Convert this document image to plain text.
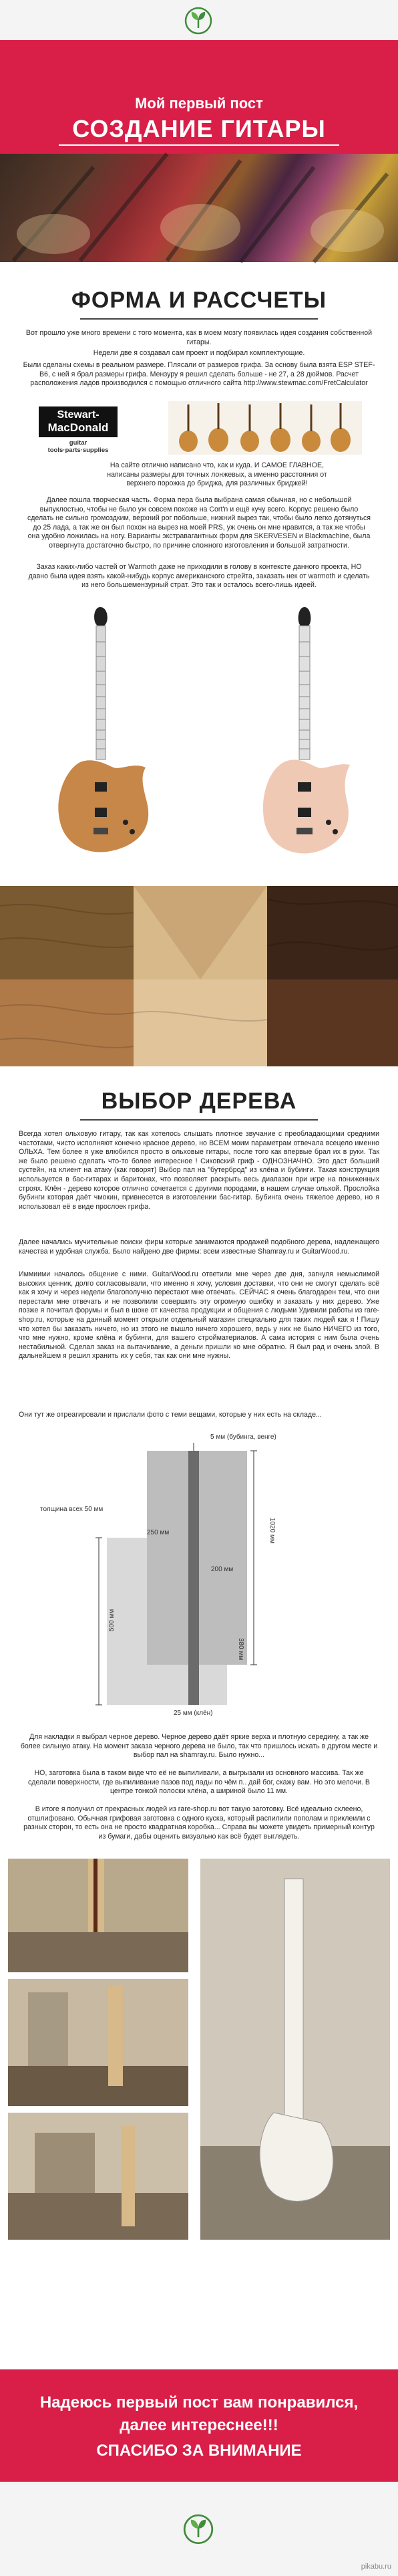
Мой первый пост
СОЗДАНИЕ ГИТАРЫ
ФОРМА И РАССЧЕТЫ
Вот прошло уже много времени с того момента, как в моем мозгу появилась идея создания собственной гитары.
Недели две я создавал сам проект и подбирал комплектующие.
Были сделаны схемы в реальном размере. Плясали от размеров грифа. За основу была взята ESP STEF-B6, с ней я брал размеры грифа. Мензуру я решил сделать больше - не 27, а 28 дюймов. Расчет расположения ладов производился с помощью отличного сайта http://www.stewmac.com/FretCalculator
Stewart-
MacDonald
guitar tools·parts·supplies
На сайте отлично написано что, как и куда. И САМОЕ ГЛАВНОЕ, написаны размеры для точных лонжевых, а именно расстояния от верхнего порожка до бриджа, для различных бриджей!
Далее пошла творческая часть. Форма пера была выбрана самая обычная, но с небольшой выпуклостью, чтобы не было уж совсем похоже на Cort'n и ещё кучу всего. Корпус решено было сделать не сильно громоздким, верхний рог побольше, нижний вырез так, чтобы было легко дотянуться до 25 лада, а так же он был похож на вырез на моей PRS, уж очень он мне нравится, а так же чтобы она удобно ложилась на ногу. Варианты экстравагантных форм для SKERVESEN и Blackmachine, была отвергнута достаточно быстро, по причине сложного изготовления и большой затратности.
Заказ каких-либо частей от Warmoth даже не приходили в голову в контексте данного проекта, НО давно была идея взять какой-нибудь корпус американского стрейта, заказать нек от warmoth и сделать из него большемензурный страт. Это так и осталось всего-лишь идеей.
ВЫБОР ДЕРЕВА
Всегда хотел ольховую гитару, так как хотелось слышать плотное звучание с преобладающими средними частотами, чисто исполняют конечно красное дерево, но ВСЕМ моим параметрам отвечала всецело именно ОЛЬХА. Тем более я уже влюбился просто в ольховые гитары, после того как впервые брал их в руки. Так же было решено сделать что-то более интересное ! Сиковский гриф - ОДНОЗНАЧНО. Это даст больший сустейн, на клиент на атаку (как говорят) Выбор пал на "бутерброд" из клёна и бубинги. Такая конструкция используется в бас-гитарах и баритонах, что позволяет раскрыть весь диапазон при игре на пониженных строях. Клён - дерево которое отлично сочетается с другими породами, в нашем случае ольхой. Прослойка бубинги которая даёт чмокин, привнесется в изготовлении бас-гитар. Бубинга очень тяжелое дерево, но я использовал её в виде прослоек грифа.
Далее начались мучительные поиски фирм которые занимаются продажей подобного дерева, надлежащего качества и удобная служба. Было найдено две фирмы: всем известные Shamray.ru и GuitarWood.ru.
Иммиими началось общение с ними. GuitarWood.ru ответили мне через две дня, загнуля немыслимой высоких ценник, долго согласовывали, что именно я хочу, условия доставки, что они не смогут сделать всё как я хочу и через недели благополучно перестают мне отвечать. СЕЙЧАС я очень благодарен тем, что они перестали мне отвечать и не позволили совершить эту огромную ошибку и заказать у них дерево. Уже позже я почитал форумы и был в шоке от качества продукции и общения с людьми Удивили работы из rare-shop.ru, которые на данный момент открыли отдельный магазин специально для таких людей как я ! Пишу что хотел бы заказать ничего, но из этого не вышло ничего хорошего, ведь у них не было НИЧЕГО из того, что мне нужно, кроме клёна и бубинги, для вашего стройматериалов. А сама история с ним была очень нестабильной. Сделал заказ на вытачивание, а деньги пришли ко мне обратно. Я был рад и очень злой. В дальнейшем я решил хранить их у себя, так как они мне нужны.
Они тут же отреагировали и прислали фото с теми вещами, которые у них есть на складе...
5 мм (бубинга, венге)
толщина всех 50 мм
250 мм
200 мм
500 мм
1020 мм
380 мм
25 мм (клён)
Для накладки я выбрал черное дерево. Черное дерево даёт яркие верха и плотную середину, а так же более сильную атаку. На момент заказа черного дерева не было, так что пришлось искать в другом месте и выбор пал на shamray.ru. Было нужно...
НО, заготовка была в таком виде что её не выпиливали, а выгрызали из основного массива. Так же сделали поверхности, где выпиливание пазов под лады по чём п.. дай бог, скажу вам. Но это мелочи. В центре тонкой полоски клёна, а шириной было 11 мм.
В итоге я получил от прекрасных людей из rare-shop.ru вот такую заготовку. Всё идеально склеено, отшлифовано. Обычная грифовая заготовка с одного куска, который распилили пополам и приклеили с разных сторон, то есть она не просто квадратная коробка... Справа вы можете увидеть примерный контур из бумаги, дабы оценить визуально как всё будет выглядеть.
Надеюсь первый пост вам понравился,
далее интереснее!!!
СПАСИБО ЗА ВНИМАНИЕ
pikabu.ru
